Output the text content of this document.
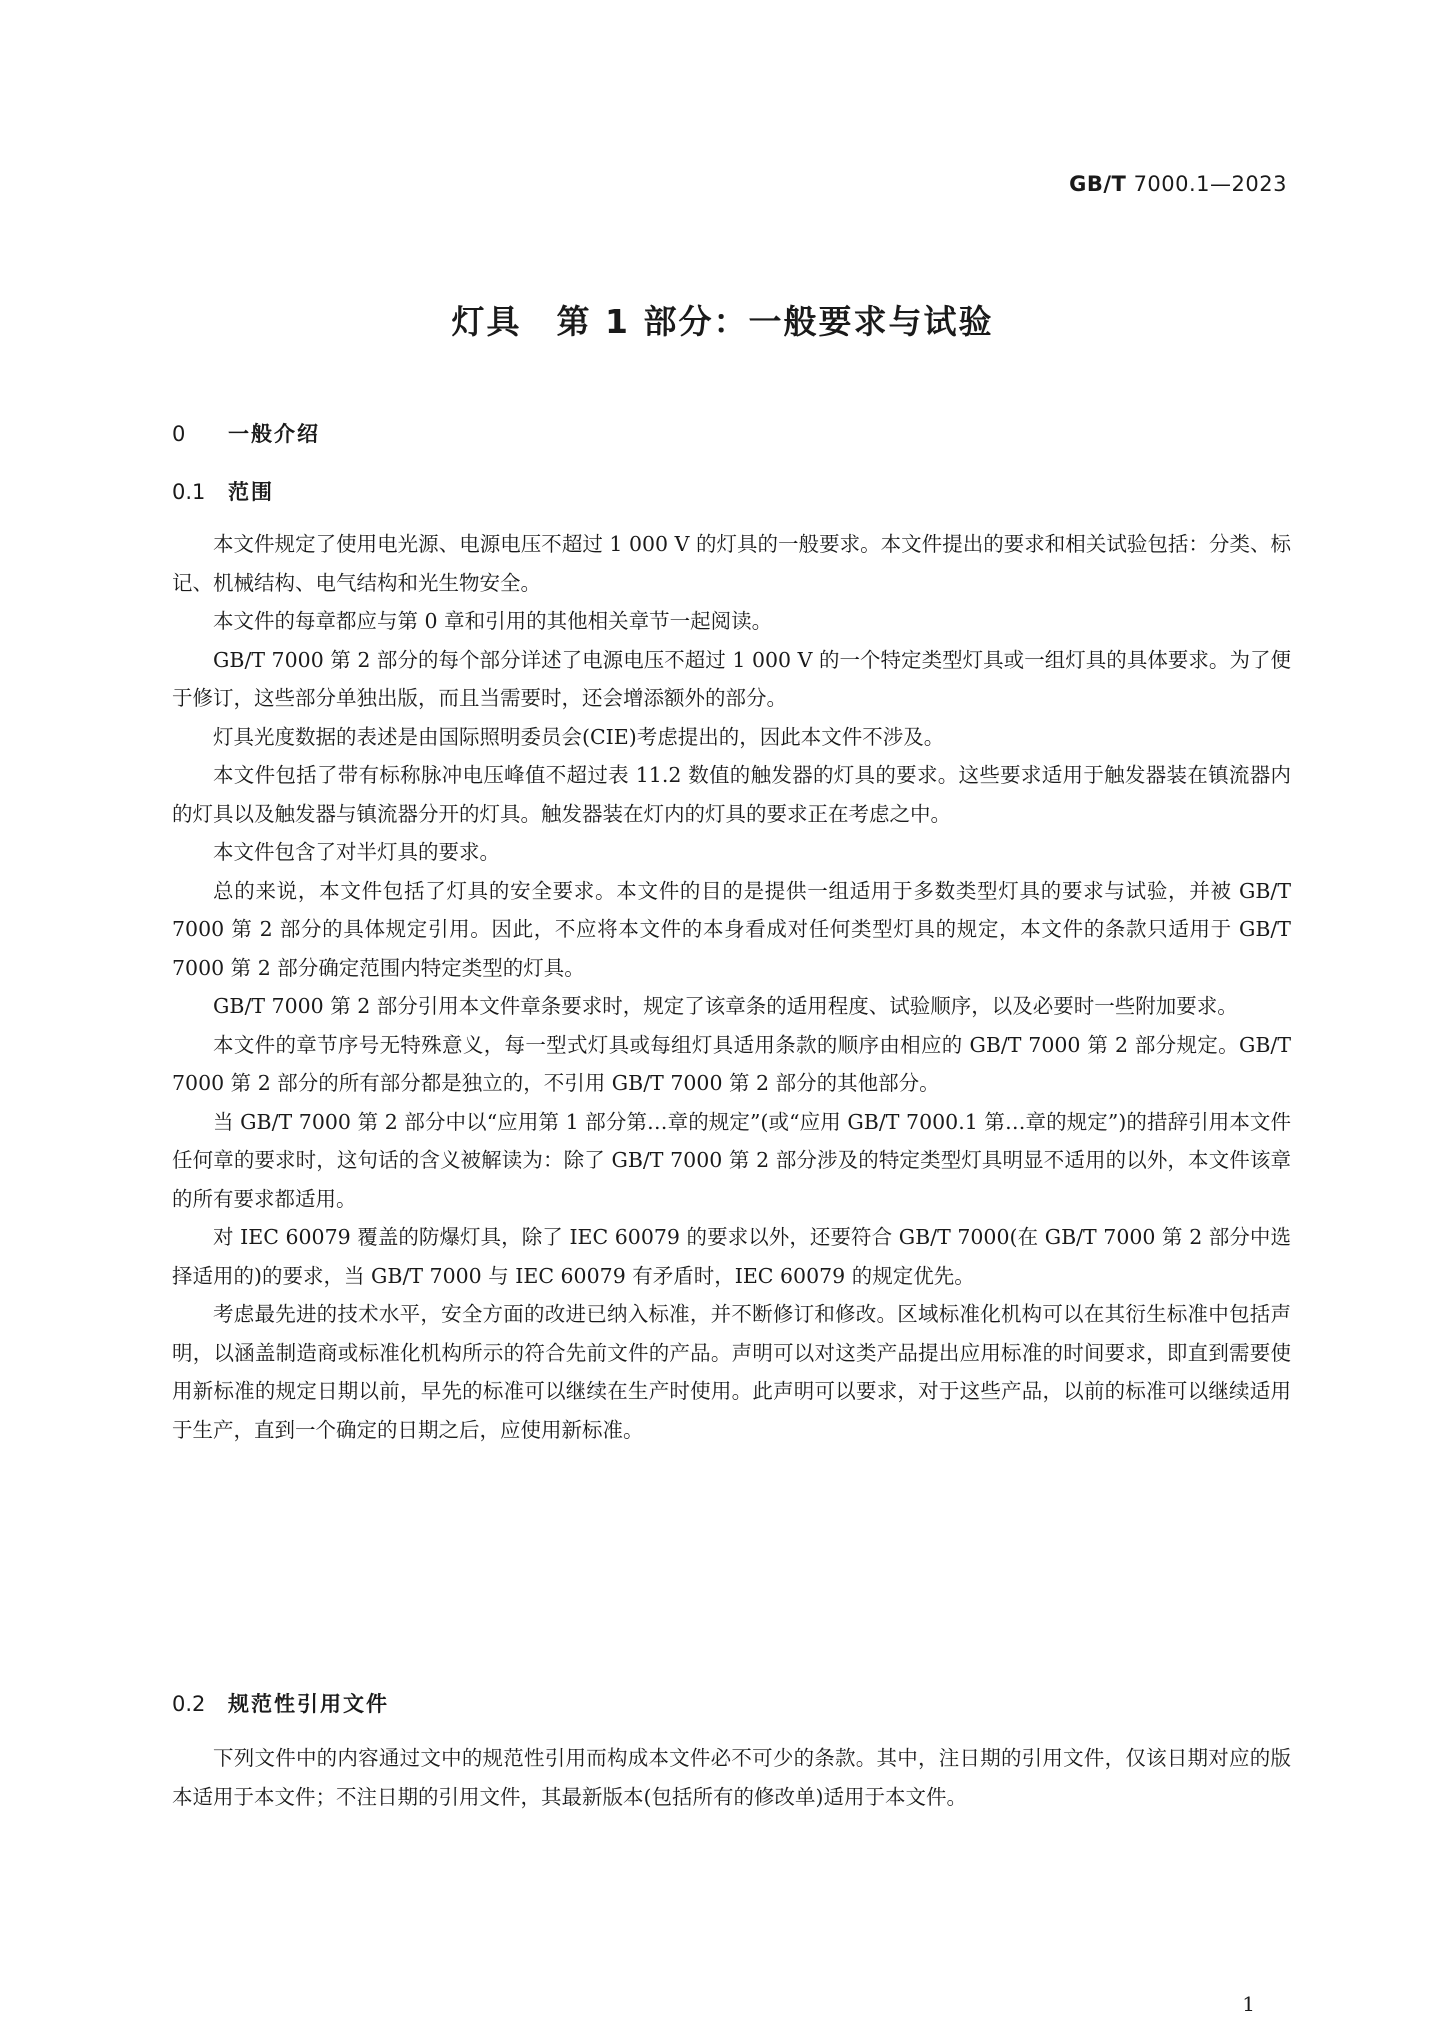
GB/T 7000.1—2023
灯具　第 1 部分：一般要求与试验
0 一般介绍
0.1 范围

本文件规定了使用电光源、电源电压不超过 1 000 V 的灯具的一般要求。本文件提出的要求和相关试验包括：分类、标记、机械结构、电气结构和光生物安全。

本文件的每章都应与第 0 章和引用的其他相关章节一起阅读。

GB/T 7000 第 2 部分的每个部分详述了电源电压不超过 1 000 V 的一个特定类型灯具或一组灯具的具体要求。为了便于修订，这些部分单独出版，而且当需要时，还会增添额外的部分。

灯具光度数据的表述是由国际照明委员会(CIE)考虑提出的，因此本文件不涉及。

本文件包括了带有标称脉冲电压峰值不超过表 11.2 数值的触发器的灯具的要求。这些要求适用于触发器装在镇流器内的灯具以及触发器与镇流器分开的灯具。触发器装在灯内的灯具的要求正在考虑之中。

本文件包含了对半灯具的要求。

总的来说，本文件包括了灯具的安全要求。本文件的目的是提供一组适用于多数类型灯具的要求与试验，并被 GB/T 7000 第 2 部分的具体规定引用。因此，不应将本文件的本身看成对任何类型灯具的规定，本文件的条款只适用于 GB/T 7000 第 2 部分确定范围内特定类型的灯具。

GB/T 7000 第 2 部分引用本文件章条要求时，规定了该章条的适用程度、试验顺序，以及必要时一些附加要求。

本文件的章节序号无特殊意义，每一型式灯具或每组灯具适用条款的顺序由相应的 GB/T 7000 第 2 部分规定。GB/T 7000 第 2 部分的所有部分都是独立的，不引用 GB/T 7000 第 2 部分的其他部分。

当 GB/T 7000 第 2 部分中以“应用第 1 部分第…章的规定”(或“应用 GB/T 7000.1 第…章的规定”)的措辞引用本文件任何章的要求时，这句话的含义被解读为：除了 GB/T 7000 第 2 部分涉及的特定类型灯具明显不适用的以外，本文件该章的所有要求都适用。

对 IEC 60079 覆盖的防爆灯具，除了 IEC 60079 的要求以外，还要符合 GB/T 7000(在 GB/T 7000 第 2 部分中选择适用的)的要求，当 GB/T 7000 与 IEC 60079 有矛盾时，IEC 60079 的规定优先。

考虑最先进的技术水平，安全方面的改进已纳入标准，并不断修订和修改。区域标准化机构可以在其衍生标准中包括声明，以涵盖制造商或标准化机构所示的符合先前文件的产品。声明可以对这类产品提出应用标准的时间要求，即直到需要使用新标准的规定日期以前，早先的标准可以继续在生产时使用。此声明可以要求，对于这些产品，以前的标准可以继续适用于生产，直到一个确定的日期之后，应使用新标准。

0.2 规范性引用文件

下列文件中的内容通过文中的规范性引用而构成本文件必不可少的条款。其中，注日期的引用文件，仅该日期对应的版本适用于本文件；不注日期的引用文件，其最新版本(包括所有的修改单)适用于本文件。

1
